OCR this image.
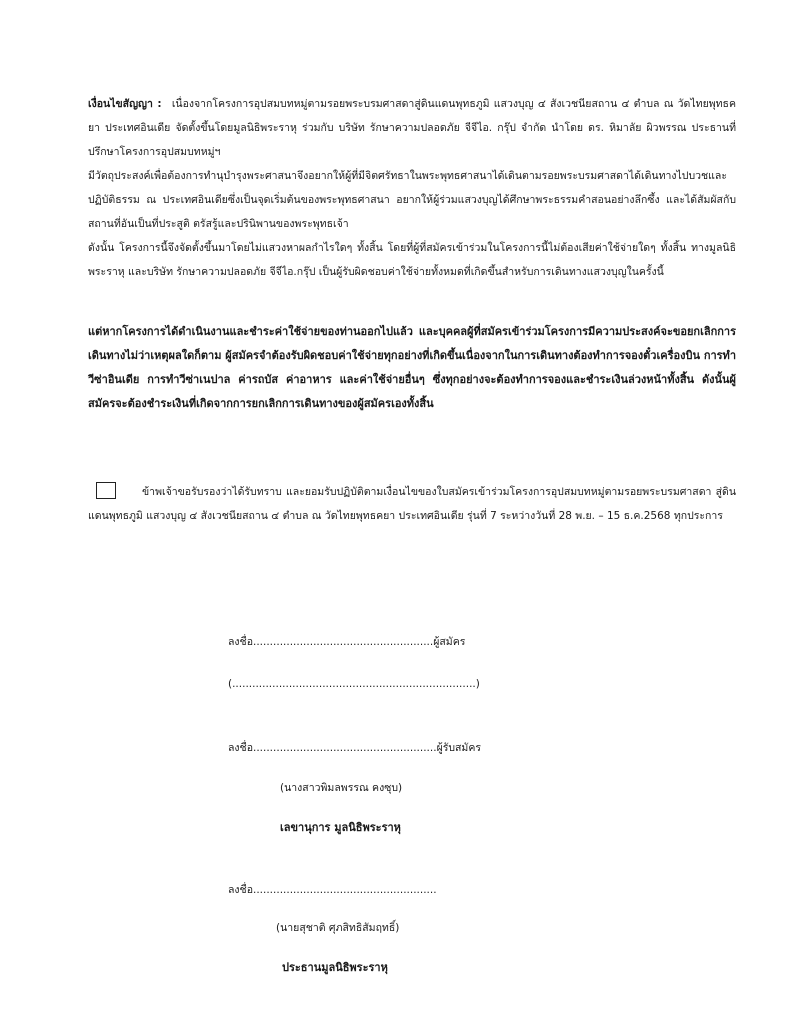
เงื่อนไขสัญญา : เนื่องจากโครงการอุปสมบทหมู่ตามรอยพระบรมศาสดาสู่ดินแดนพุทธภูมิ แสวงบุญ ๔ สังเวชนียสถาน ๔ ตำบล ณ วัดไทยพุทธคยา ประเทศอินเดีย จัดตั้งขึ้นโดยมูลนิธิพระราหุ ร่วมกับ บริษัท รักษาความปลอดภัย จีจีไอ. กรุ๊ป จำกัด นำโดย ดร. หิมาลัย ผิวพรรณ ประธานที่ปรึกษาโครงการอุปสมบทหมู่ฯ

มีวัตถุประสงค์เพื่อต้องการทำนุบำรุงพระศาสนาจึงอยากให้ผู้ที่มีจิตศรัทธาในพระพุทธศาสนาได้เดินตามรอยพระบรมศาสดาได้เดินทางไปบวชและปฏิบัติธรรม ณ ประเทศอินเดียซึ่งเป็นจุดเริ่มต้นของพระพุทธศาสนา อยากให้ผู้ร่วมแสวงบุญได้ศึกษาพระธรรมคำสอนอย่างลึกซึ้ง และได้สัมผัสกับสถานที่อันเป็นที่ประสูติ ตรัสรู้และปรินิพานของพระพุทธเจ้า

ดังนั้น โครงการนี้จึงจัดตั้งขึ้นมาโดยไม่แสวงหาผลกำไรใดๆ ทั้งสิ้น โดยที่ผู้ที่สมัครเข้าร่วมในโครงการนี้ไม่ต้องเสียค่าใช้จ่ายใดๆ ทั้งสิ้น ทางมูลนิธิพระราหุ และบริษัท รักษาความปลอดภัย จีจีไอ.กรุ๊ป เป็นผู้รับผิดชอบค่าใช้จ่ายทั้งหมดที่เกิดขึ้นสำหรับการเดินทางแสวงบุญในครั้งนี้

แต่หากโครงการได้ดำเนินงานและชำระค่าใช้จ่ายของท่านออกไปแล้ว และบุคคลผู้ที่สมัครเข้าร่วมโครงการมีความประสงค์จะขอยกเลิกการเดินทางไม่ว่าเหตุผลใดก็ตาม ผู้สมัครจำต้องรับผิดชอบค่าใช้จ่ายทุกอย่างที่เกิดขึ้นเนื่องจากในการเดินทางต้องทำการจองตั๋วเครื่องบิน การทำวีซ่าอินเดีย การทำวีซ่าเนปาล ค่ารถบัส ค่าอาหาร และค่าใช้จ่ายอื่นๆ ซึ่งทุกอย่างจะต้องทำการจองและชำระเงินล่วงหน้าทั้งสิ้น ดังนั้นผู้สมัครจะต้องชำระเงินที่เกิดจากการยกเลิกการเดินทางของผู้สมัครเองทั้งสิ้น

ข้าพเจ้าขอรับรองว่าได้รับทราบ และยอมรับปฏิบัติตามเงื่อนไขของใบสมัครเข้าร่วมโครงการอุปสมบทหมู่ตามรอยพระบรมศาสดา สู่ดินแดนพุทธภูมิ แสวงบุญ ๔ สังเวชนียสถาน ๔ ตำบล ณ วัดไทยพุทธคยา ประเทศอินเดีย รุ่นที่ 7 ระหว่างวันที่ 28 พ.ย. – 15 ธ.ค.2568 ทุกประการ

ลงชื่อ......................................................ผู้สมัคร
(.........................................................................)
ลงชื่อ.......................................................ผู้รับสมัคร
(นางสาวพิมลพรรณ คงซุบ)
เลขานุการ มูลนิธิพระราหุ
ลงชื่อ.......................................................
(นายสุชาติ ศุภสิทธิสัมฤทธิ์)
ประธานมูลนิธิพระราหุ
